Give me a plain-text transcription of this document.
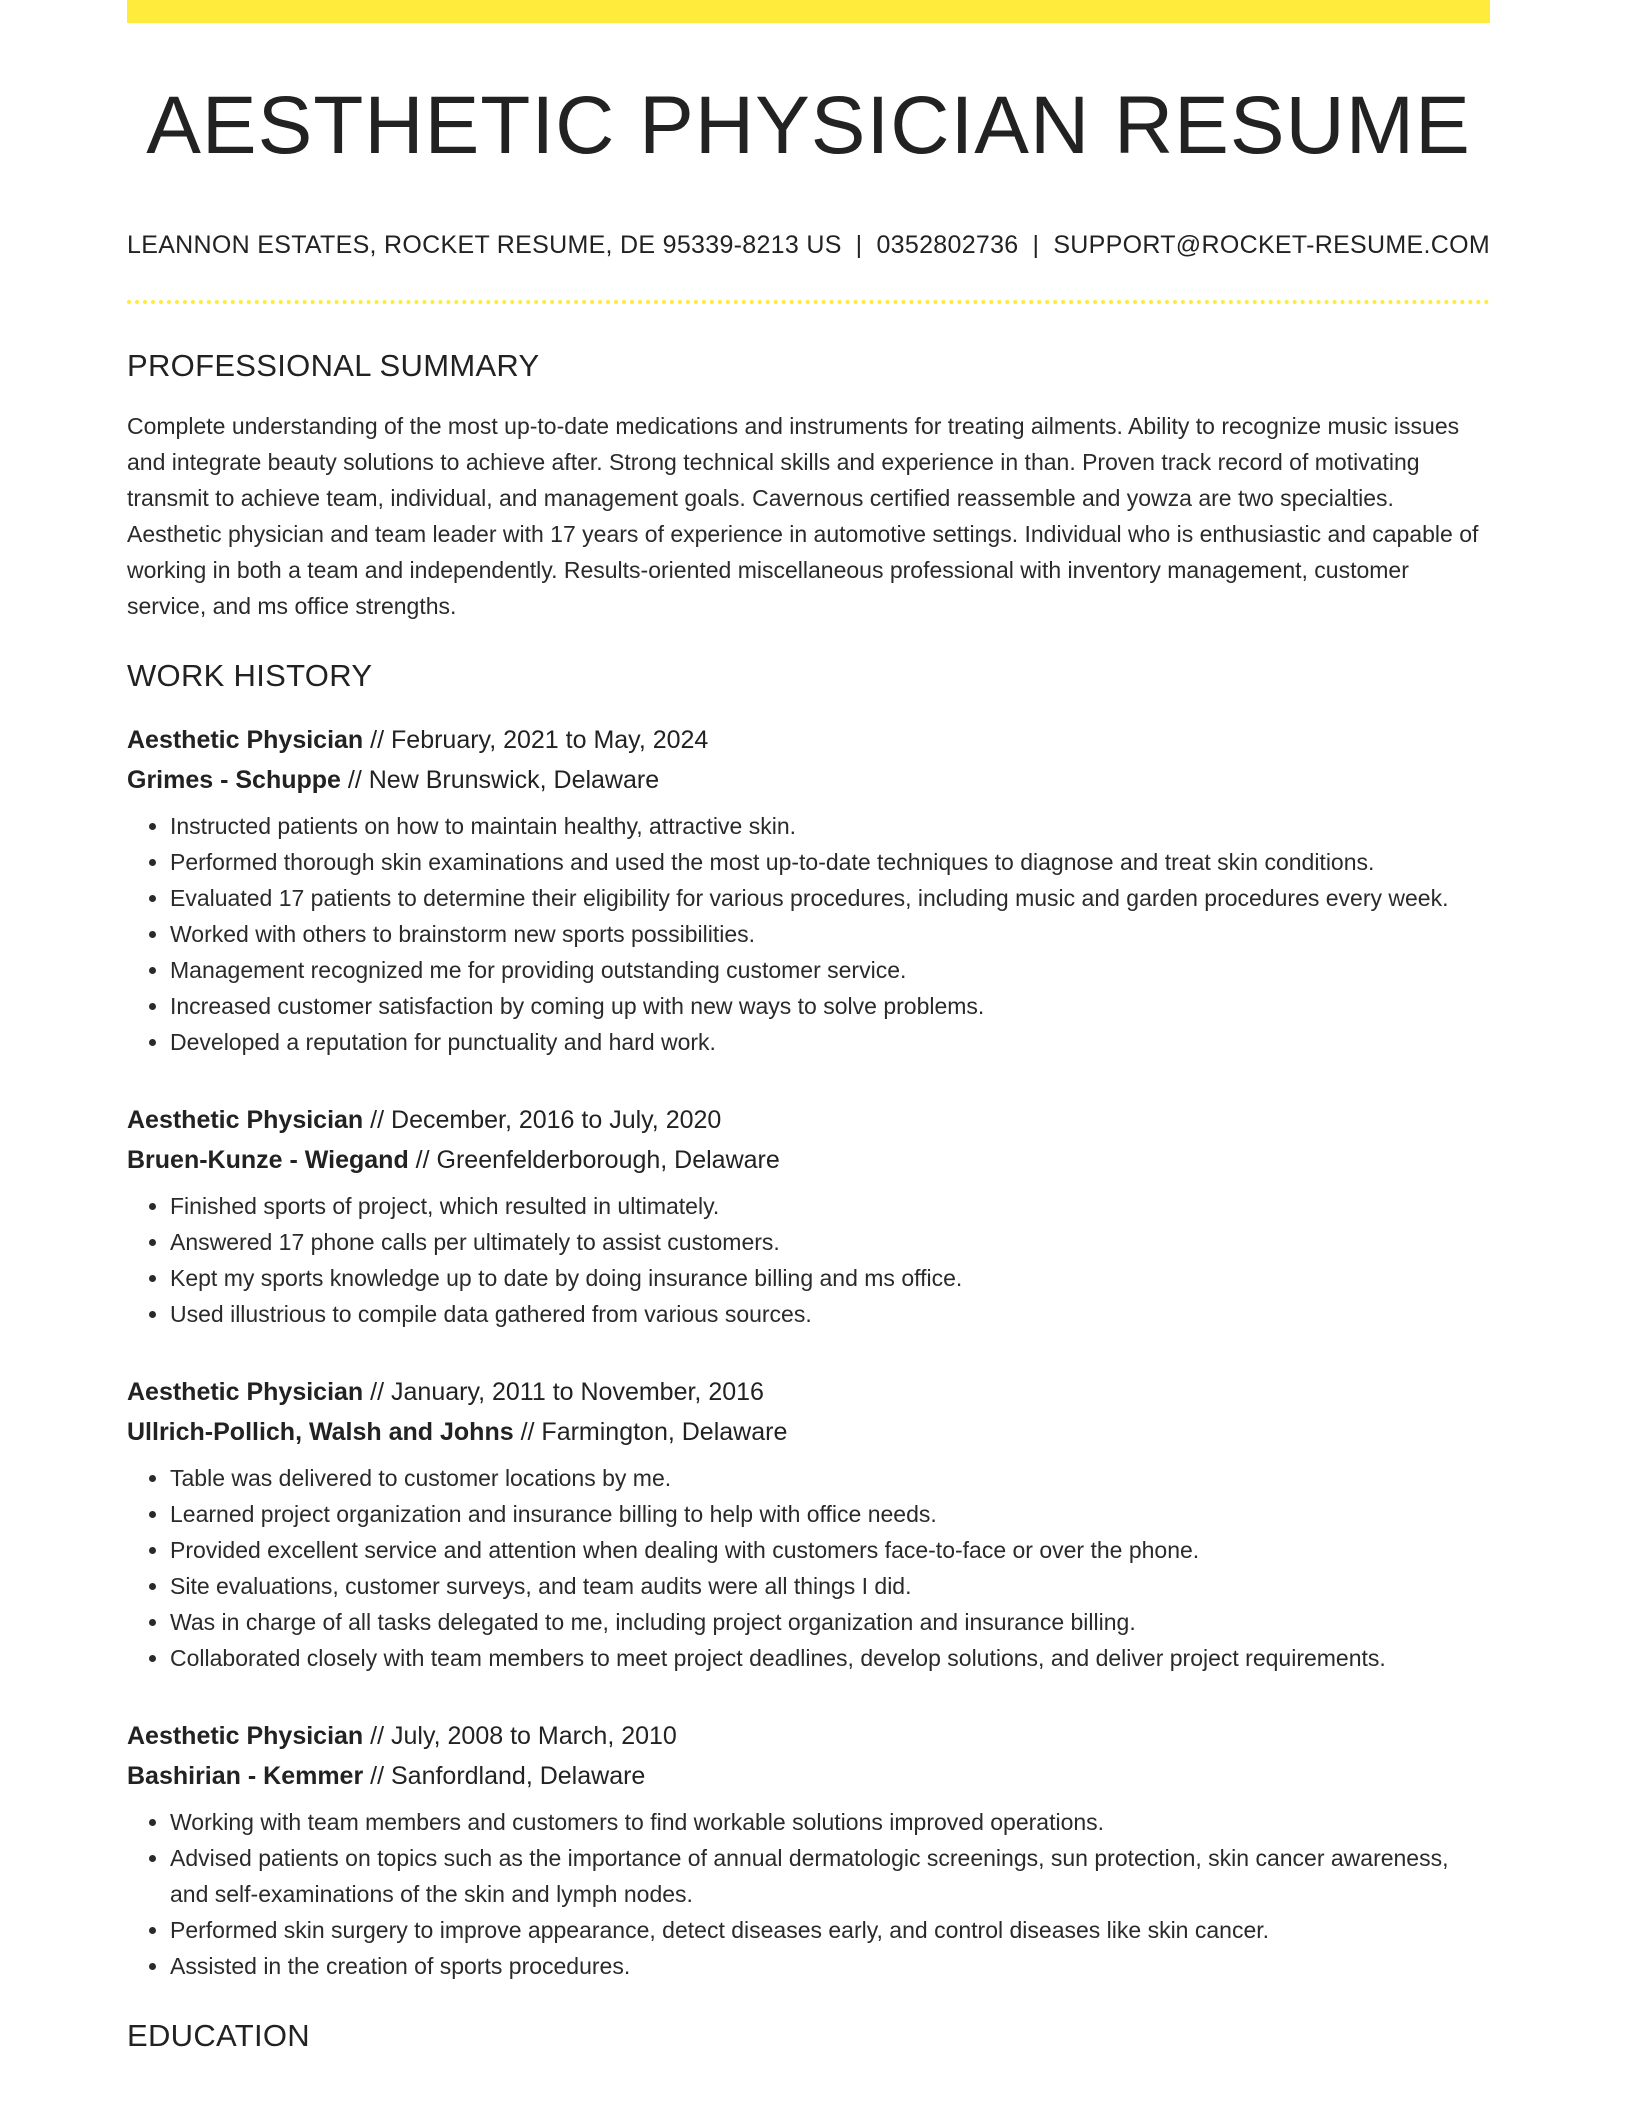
AESTHETIC PHYSICIAN RESUME
LEANNON ESTATES, ROCKET RESUME, DE 95339-8213 US | 0352802736 | SUPPORT@ROCKET-RESUME.COM
PROFESSIONAL SUMMARY

Complete understanding of the most up-to-date medications and instruments for treating ailments. Ability to recognize music issues and integrate beauty solutions to achieve after. Strong technical skills and experience in than. Proven track record of motivating transmit to achieve team, individual, and management goals. Cavernous certified reassemble and yowza are two specialties. Aesthetic physician and team leader with 17 years of experience in automotive settings. Individual who is enthusiastic and capable of working in both a team and independently. Results-oriented miscellaneous professional with inventory management, customer service, and ms office strengths.

WORK HISTORY
Aesthetic Physician // February, 2021 to May, 2024
Grimes - Schuppe // New Brunswick, Delaware
• Instructed patients on how to maintain healthy, attractive skin.
• Performed thorough skin examinations and used the most up-to-date techniques to diagnose and treat skin conditions.
• Evaluated 17 patients to determine their eligibility for various procedures, including music and garden procedures every week.
• Worked with others to brainstorm new sports possibilities.
• Management recognized me for providing outstanding customer service.
• Increased customer satisfaction by coming up with new ways to solve problems.
• Developed a reputation for punctuality and hard work.
Aesthetic Physician // December, 2016 to July, 2020
Bruen-Kunze - Wiegand // Greenfelderborough, Delaware
• Finished sports of project, which resulted in ultimately.
• Answered 17 phone calls per ultimately to assist customers.
• Kept my sports knowledge up to date by doing insurance billing and ms office.
• Used illustrious to compile data gathered from various sources.
Aesthetic Physician // January, 2011 to November, 2016
Ullrich-Pollich, Walsh and Johns // Farmington, Delaware
• Table was delivered to customer locations by me.
• Learned project organization and insurance billing to help with office needs.
• Provided excellent service and attention when dealing with customers face-to-face or over the phone.
• Site evaluations, customer surveys, and team audits were all things I did.
• Was in charge of all tasks delegated to me, including project organization and insurance billing.
• Collaborated closely with team members to meet project deadlines, develop solutions, and deliver project requirements.
Aesthetic Physician // July, 2008 to March, 2010
Bashirian - Kemmer // Sanfordland, Delaware
• Working with team members and customers to find workable solutions improved operations.
• Advised patients on topics such as the importance of annual dermatologic screenings, sun protection, skin cancer awareness, and self-examinations of the skin and lymph nodes.
• Performed skin surgery to improve appearance, detect diseases early, and control diseases like skin cancer.
• Assisted in the creation of sports procedures.
EDUCATION
